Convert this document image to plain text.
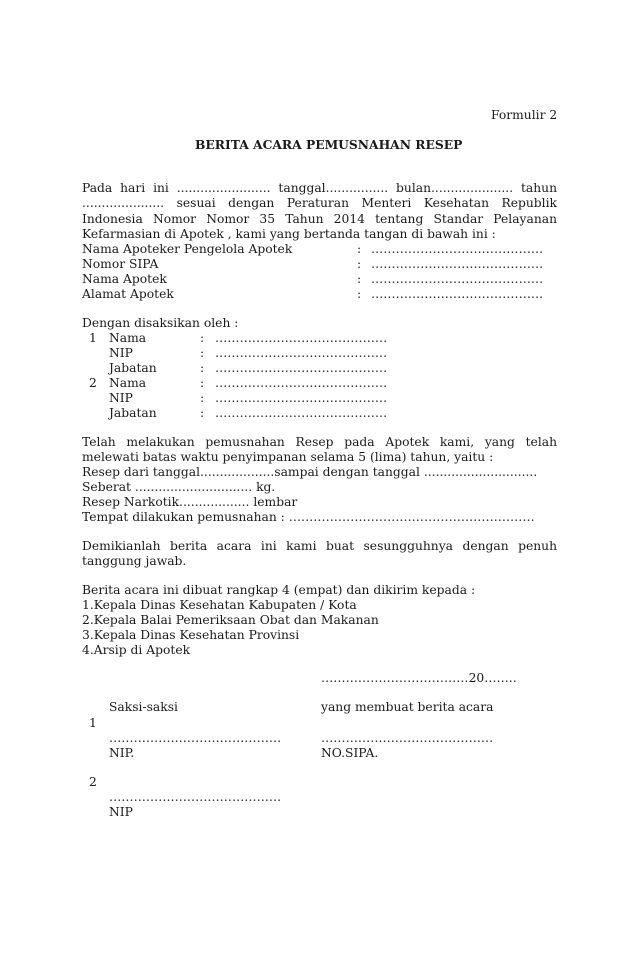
Formulir 2
BERITA ACARA PEMUSNAHAN RESEP
Pada hari ini ........................ tanggal................ bulan..................... tahun
..................... sesuai dengan Peraturan Menteri Kesehatan Republik
Indonesia Nomor Nomor 35 Tahun 2014 tentang Standar Pelayanan
Kefarmasian di Apotek , kami yang bertanda tangan di bawah ini :
Nama Apoteker Pengelola Apotek	: ……………………………………
Nomor SIPA	: ……………………………………
Nama Apotek	: ……………………………………
Alamat Apotek	: ……………………………………
Dengan disaksikan oleh :
1 Nama	: ……………………………………
NIP	: ……………………………………
Jabatan	: ……………………………………
2 Nama	: ……………………………………
NIP	: ……………………………………
Jabatan	: ……………………………………
Telah melakukan pemusnahan Resep pada Apotek kami, yang telah
melewati batas waktu penyimpanan selama 5 (lima) tahun, yaitu :
Resep dari tanggal...................sampai dengan tanggal .............................
Seberat .............................. kg.
Resep Narkotik.................. lembar
Tempat dilakukan pemusnahan : ……………………………………………………
Demikianlah berita acara ini kami buat sesungguhnya dengan penuh
tanggung jawab.
Berita acara ini dibuat rangkap 4 (empat) dan dikirim kepada :
1.Kepala Dinas Kesehatan Kabupaten / Kota
2.Kepala Balai Pemeriksaan Obat dan Makanan
3.Kepala Dinas Kesehatan Provinsi
4.Arsip di Apotek
………………………………20……..
Saksi-saksi	yang membuat berita acara
1
……………………………………	……………………………………
NIP.	NO.SIPA.
2
……………………………………
NIP
